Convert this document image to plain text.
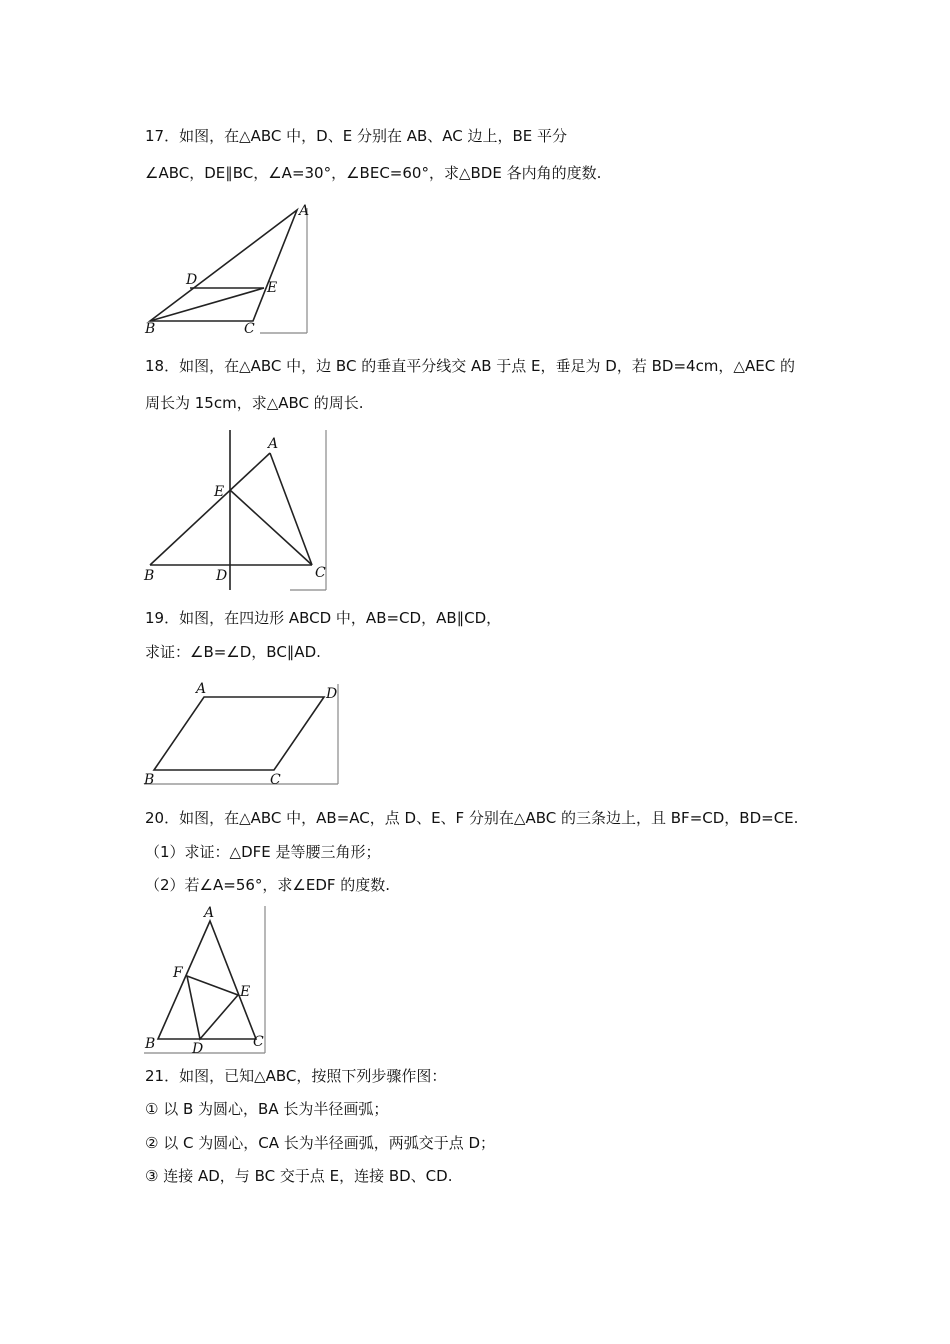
17．如图，在△ABC 中，D、E 分别在 AB、AC 边上，BE 平分
∠ABC，DE∥BC，∠A=30°，∠BEC=60°，求△BDE 各内角的度数.
A
D	E
B	C
18．如图，在△ABC 中，边 BC 的垂直平分线交 AB 于点 E，垂足为 D，若 BD=4cm，△AEC 的
周长为 15cm，求△ABC 的周长.
A
E
B	D	C
19．如图，在四边形 ABCD 中，AB=CD，AB∥CD，
求证：∠B=∠D，BC∥AD.
A	D
B	C
20．如图，在△ABC 中，AB=AC，点 D、E、F 分别在△ABC 的三条边上，且 BF=CD，BD=CE.
（1）求证：△DFE 是等腰三角形；
（2）若∠A=56°，求∠EDF 的度数.
A
F
E
B	D	C
21．如图，已知△ABC，按照下列步骤作图：
① 以 B 为圆心，BA 长为半径画弧；
② 以 C 为圆心，CA 长为半径画弧，两弧交于点 D；
③ 连接 AD，与 BC 交于点 E，连接 BD、CD.
